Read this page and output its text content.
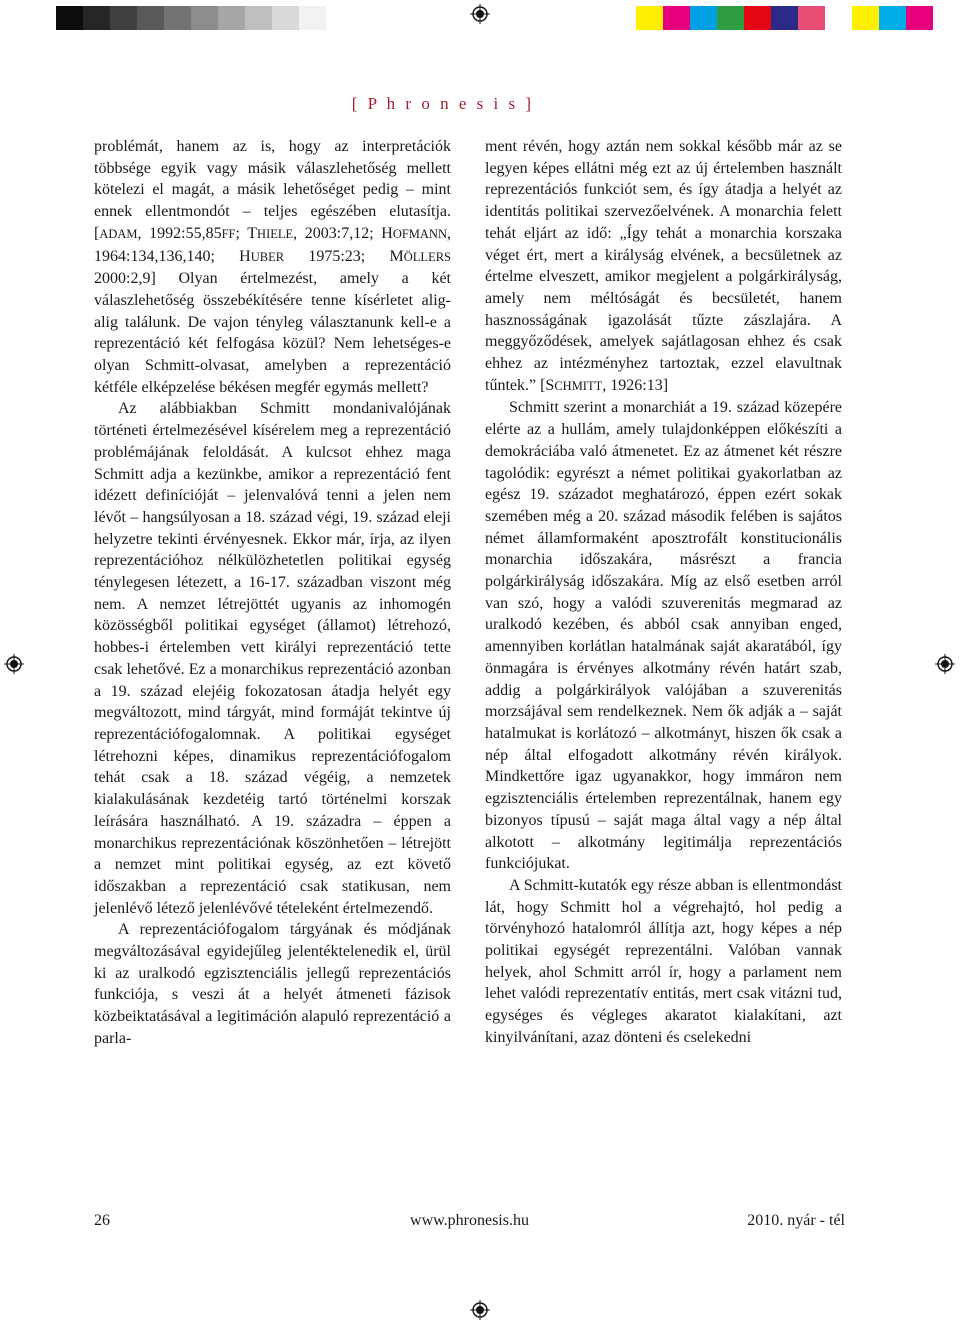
[ P h r o n e s i s ]

problémát, hanem az is, hogy az interpretációk többsége egyik vagy másik válaszlehetőség mellett kötelezi el magát, a másik lehetőséget pedig – mint ennek ellentmondót – teljes egészében elutasítja. [ADAM, 1992:55,85FF; THIELE, 2003:7,12; HOFMANN, 1964:134,136,140; HUBER 1975:23; MÖLLERS 2000:2,9] Olyan értelmezést, amely a két válaszlehetőség összebékítésére tenne kísérletet alig-alig találunk. De vajon tényleg választanunk kell-e a reprezentáció két felfogása közül? Nem lehetséges-e olyan Schmitt-olvasat, amelyben a reprezentáció kétféle elképzelése békésen megfér egymás mellett?

Az alábbiakban Schmitt mondanivalójának történeti értelmezésével kísérelem meg a reprezentáció problémájának feloldását. A kulcsot ehhez maga Schmitt adja a kezünkbe, amikor a reprezentáció fent idézett definícióját – jelenvalóvá tenni a jelen nem lévőt – hangsúlyosan a 18. század végi, 19. század eleji helyzetre tekinti érvényesnek. Ekkor már, írja, az ilyen reprezentációhoz nélkülözhetetlen politikai egység ténylegesen létezett, a 16-17. században viszont még nem. A nemzet létrejöttét ugyanis az inhomogén közösségből politikai egységet (államot) létrehozó, hobbes-i értelemben vett királyi reprezentáció tette csak lehetővé. Ez a monarchikus reprezentáció azonban a 19. század elejéig fokozatosan átadja helyét egy megváltozott, mind tárgyát, mind formáját tekintve új reprezentációfogalomnak. A politikai egységet létrehozni képes, dinamikus reprezentációfogalom tehát csak a 18. század végéig, a nemzetek kialakulásának kezdetéig tartó történelmi korszak leírására használható. A 19. századra – éppen a monarchikus reprezentációnak köszönhetően – létrejött a nemzet mint politikai egység, az ezt követő időszakban a reprezentáció csak statikusan, nem jelenlévő létező jelenlévővé tételeként értelmezendő.

A reprezentációfogalom tárgyának és módjának megváltozásával egyidejűleg jelentéktelenedik el, ürül ki az uralkodó egzisztenciális jellegű reprezentációs funkciója, s veszi át a helyét átmeneti fázisok közbeiktatásával a legitimáción alapuló reprezentáció a parla-

ment révén, hogy aztán nem sokkal később már az se legyen képes ellátni még ezt az új értelemben használt reprezentációs funkciót sem, és így átadja a helyét az identitás politikai szervezőelvének. A monarchia felett tehát eljárt az idő: „Így tehát a monarchia korszaka véget ért, mert a királyság elvének, a becsületnek az értelme elveszett, amikor megjelent a polgárkirályság, amely nem méltóságát és becsületét, hanem hasznosságának igazolását tűzte zászlajára. A meggyőződések, amelyek sajátlagosan ehhez és csak ehhez az intézményhez tartoztak, ezzel elavultnak tűntek.” [SCHMITT, 1926:13]

Schmitt szerint a monarchiát a 19. század közepére elérte az a hullám, amely tulajdonképpen előkészíti a demokráciába való átmenetet. Ez az átmenet két részre tagolódik: egyrészt a német politikai gyakorlatban az egész 19. századot meghatározó, éppen ezért sokak szemében még a 20. század második felében is sajátos német államformaként aposztrofált konstitucionális monarchia időszakára, másrészt a francia polgárkirályság időszakára. Míg az első esetben arról van szó, hogy a valódi szuverenitás megmarad az uralkodó kezében, és abból csak annyiban enged, amennyiben korlátlan hatalmának saját akaratából, így önmagára is érvényes alkotmány révén határt szab, addig a polgárkirályok valójában a szuverenitás morzsájával sem rendelkeznek. Nem ők adják a – saját hatalmukat is korlátozó – alkotmányt, hiszen ők csak a nép által elfogadott alkotmány révén királyok. Mindkettőre igaz ugyanakkor, hogy immáron nem egzisztenciális értelemben reprezentálnak, hanem egy bizonyos típusú – saját maga által vagy a nép által alkotott – alkotmány legitimálja reprezentációs funkciójukat.

A Schmitt-kutatók egy része abban is ellentmondást lát, hogy Schmitt hol a végrehajtó, hol pedig a törvényhozó hatalomról állítja azt, hogy képes a nép politikai egységét reprezentálni. Valóban vannak helyek, ahol Schmitt arról ír, hogy a parlament nem lehet valódi reprezentatív entitás, mert csak vitázni tud, egységes és végleges akaratot kialakítani, azt kinyilvánítani, azaz dönteni és cselekedni

26	www.phronesis.hu	2010. nyár - tél
